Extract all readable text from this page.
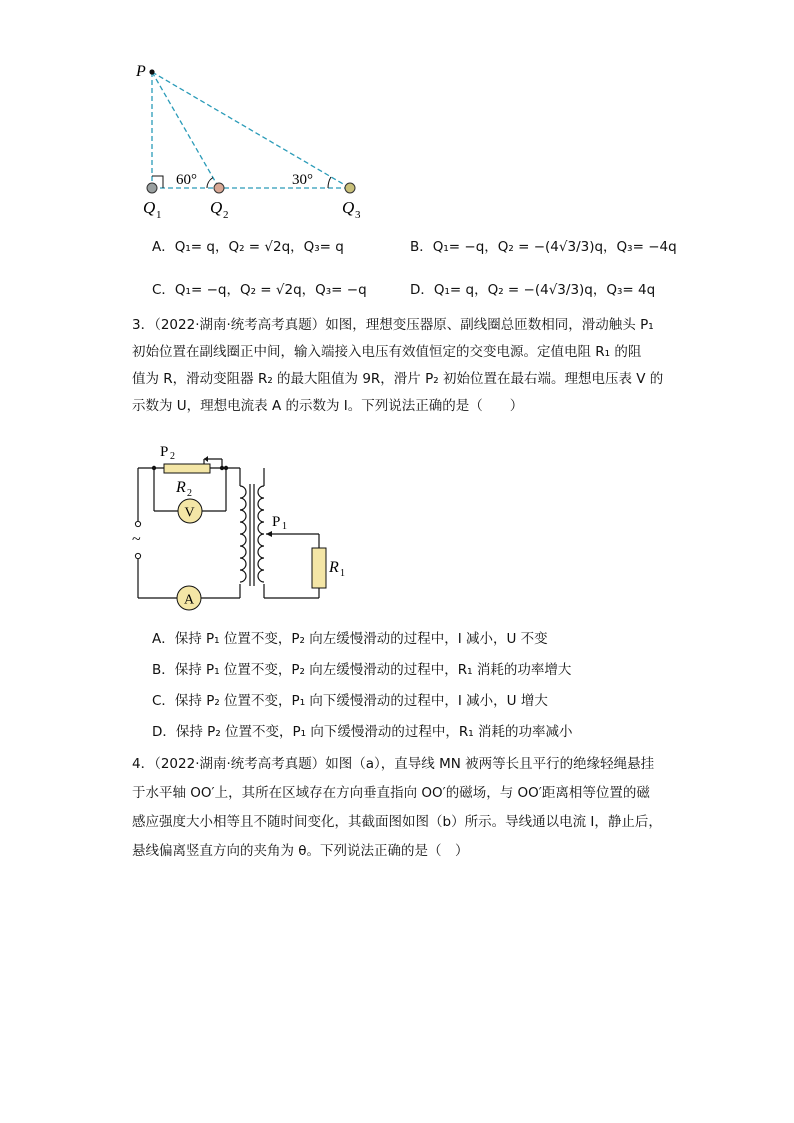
P
60°	30°
Q 1	Q 2	Q 3
A．Q₁= q，Q₂ = √2q，Q₃= q	B．Q₁= −q，Q₂ = −(4√3/3)q，Q₃= −4q
C．Q₁= −q，Q₂ = √2q，Q₃= −q	D．Q₁= q，Q₂ = −(4√3/3)q，Q₃= 4q
3．（2022·湖南·统考高考真题）如图，理想变压器原、副线圈总匝数相同，滑动触头 P₁
初始位置在副线圈正中间，输入端接入电压有效值恒定的交变电源。定值电阻 R₁ 的阻
值为 R，滑动变阻器 R₂ 的最大阻值为 9R，滑片 P₂ 初始位置在最右端。理想电压表 V 的
示数为 U，理想电流表 A 的示数为 I。下列说法正确的是（　　）
V
A
P 2
R 2
~
P 1
R 1
A．保持 P₁ 位置不变，P₂ 向左缓慢滑动的过程中，I 减小，U 不变
B．保持 P₁ 位置不变，P₂ 向左缓慢滑动的过程中，R₁ 消耗的功率增大
C．保持 P₂ 位置不变，P₁ 向下缓慢滑动的过程中，I 减小，U 增大
D．保持 P₂ 位置不变，P₁ 向下缓慢滑动的过程中，R₁ 消耗的功率减小
4．（2022·湖南·统考高考真题）如图（a），直导线 MN 被两等长且平行的绝缘轻绳悬挂
于水平轴 OO′上，其所在区域存在方向垂直指向 OO′的磁场，与 OO′距离相等位置的磁
感应强度大小相等且不随时间变化，其截面图如图（b）所示。导线通以电流 I，静止后，
悬线偏离竖直方向的夹角为 θ。下列说法正确的是（　）
